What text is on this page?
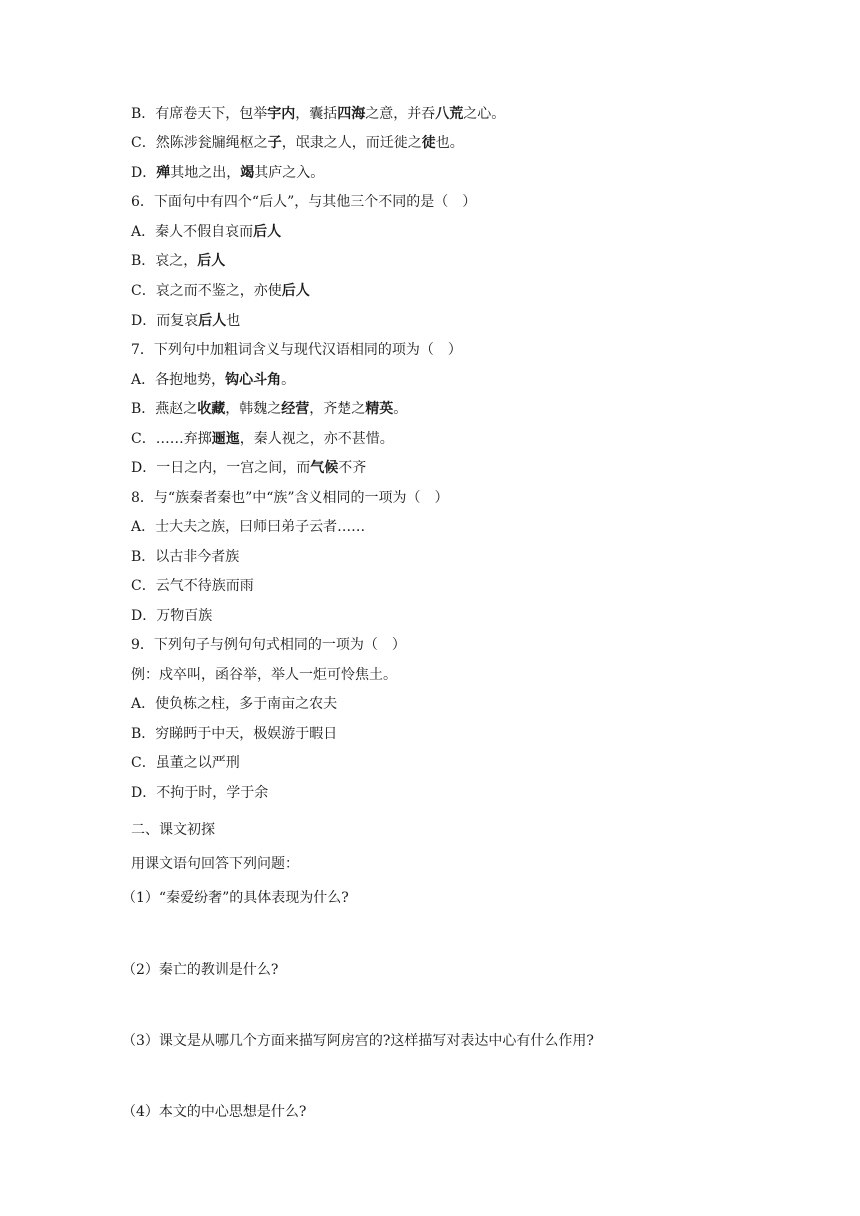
B．有席卷天下，包举宇内，囊括四海之意，并吞八荒之心。
C．然陈涉瓮牖绳枢之子，氓隶之人，而迁徙之徒也。
D．殚其地之出，竭其庐之入。
6．下面句中有四个“后人”，与其他三个不同的是（　）
A．秦人不假自哀而后人
B．哀之，后人
C．哀之而不鉴之，亦使后人
D．而复哀后人也
7．下列句中加粗词含义与现代汉语相同的项为（　）
A．各抱地势，钩心斗角。
B．燕赵之收藏，韩魏之经营，齐楚之精英。
C．……弃掷逦迤，秦人视之，亦不甚惜。
D．一日之内，一宫之间，而气候不齐
8．与“族秦者秦也”中“族”含义相同的一项为（　）
A．士大夫之族，曰师曰弟子云者……
B．以古非今者族
C．云气不待族而雨
D．万物百族
9．下列句子与例句句式相同的一项为（　）
例：戍卒叫，函谷举，举人一炬可怜焦土。
A．使负栋之柱，多于南亩之农夫
B．穷睇眄于中天，极娱游于暇日
C．虽董之以严刑
D．不拘于时，学于余
二、课文初探
用课文语句回答下列问题：
（1）“秦爱纷奢”的具体表现为什么?
（2）秦亡的教训是什么?
（3）课文是从哪几个方面来描写阿房宫的?这样描写对表达中心有什么作用?
（4）本文的中心思想是什么?
